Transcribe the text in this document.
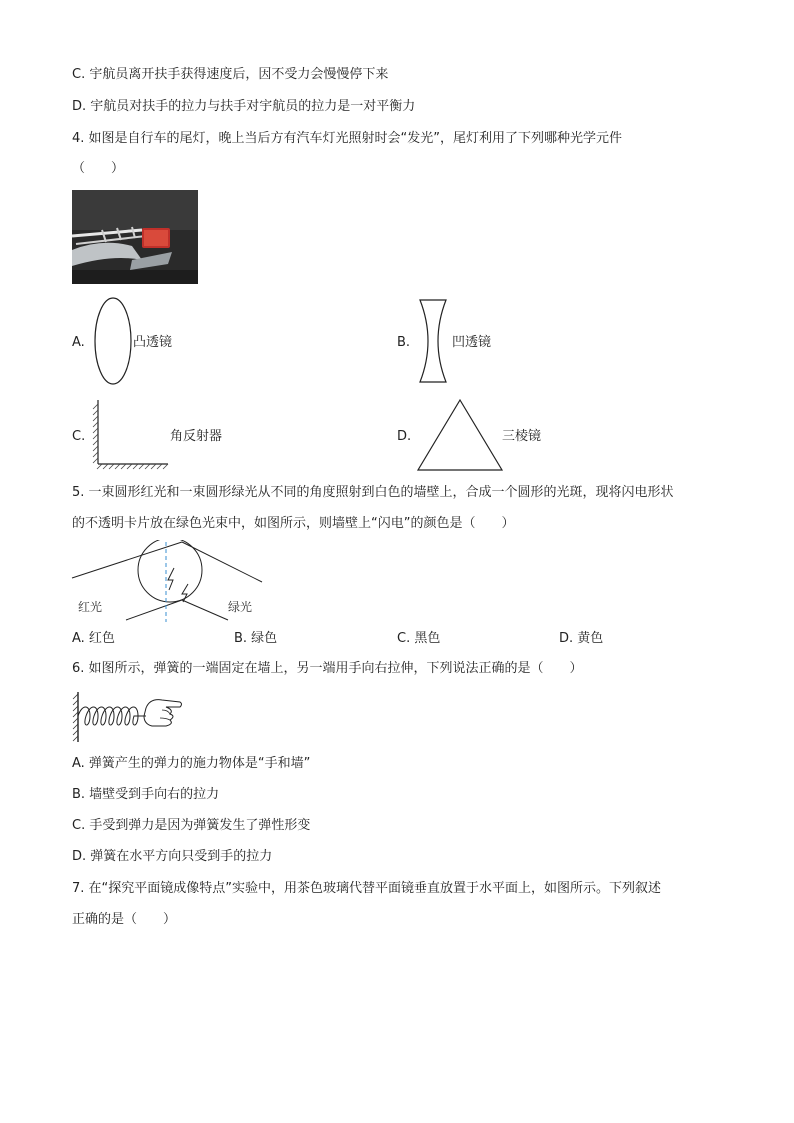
C. 宇航员离开扶手获得速度后，因不受力会慢慢停下来
D. 宇航员对扶手的拉力与扶手对宇航员的拉力是一对平衡力
4. 如图是自行车的尾灯，晚上当后方有汽车灯光照射时会“发光”，尾灯利用了下列哪种光学元件
（　　）
A.	凸透镜	B.	凹透镜
C.	角反射器	D.	三棱镜
5. 一束圆形红光和一束圆形绿光从不同的角度照射到白色的墙壁上，合成一个圆形的光斑，现将闪电形状
的不透明卡片放在绿色光束中，如图所示，则墙壁上“闪电”的颜色是（　　）
红光	绿光
A. 红色	B. 绿色	C. 黑色	D. 黄色
6. 如图所示，弹簧的一端固定在墙上，另一端用手向右拉伸，下列说法正确的是（　　）
A. 弹簧产生的弹力的施力物体是“手和墙”
B. 墙壁受到手向右的拉力
C. 手受到弹力是因为弹簧发生了弹性形变
D. 弹簧在水平方向只受到手的拉力
7. 在“探究平面镜成像特点”实验中，用茶色玻璃代替平面镜垂直放置于水平面上，如图所示。下列叙述
正确的是（　　）
